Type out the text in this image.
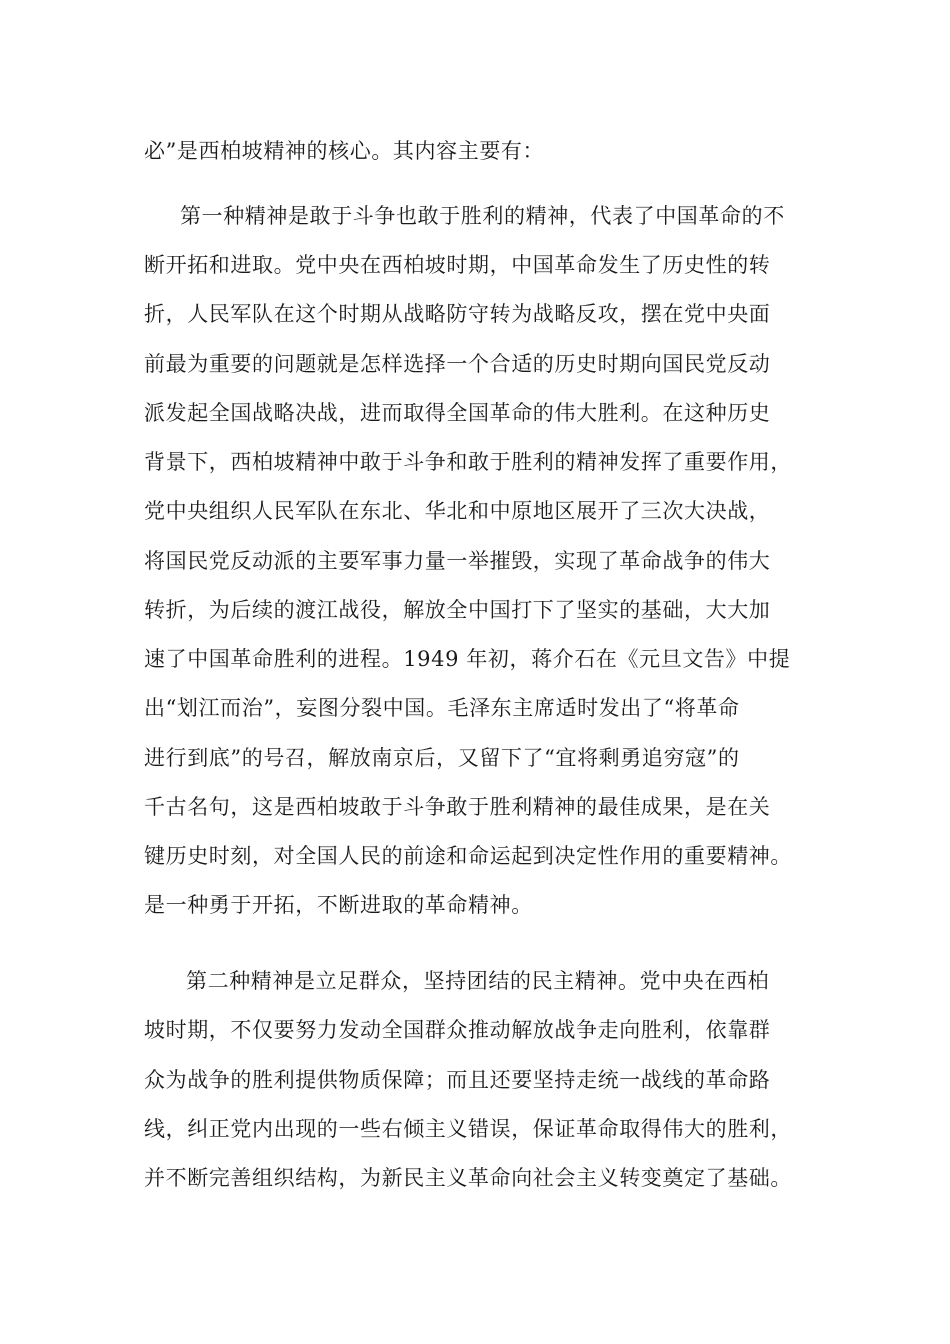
必”是西柏坡精神的核心。其内容主要有：

第一种精神是敢于斗争也敢于胜利的精神，代表了中国革命的不

断开拓和进取。党中央在西柏坡时期，中国革命发生了历史性的转

折，人民军队在这个时期从战略防守转为战略反攻，摆在党中央面

前最为重要的问题就是怎样选择一个合适的历史时期向国民党反动

派发起全国战略决战，进而取得全国革命的伟大胜利。在这种历史

背景下，西柏坡精神中敢于斗争和敢于胜利的精神发挥了重要作用，

党中央组织人民军队在东北、华北和中原地区展开了三次大决战，

将国民党反动派的主要军事力量一举摧毁，实现了革命战争的伟大

转折，为后续的渡江战役，解放全中国打下了坚实的基础，大大加

速了中国革命胜利的进程。1949 年初，蒋介石在《元旦文告》中提

出“划江而治”，妄图分裂中国。毛泽东主席适时发出了“将革命

进行到底”的号召，解放南京后，又留下了“宜将剩勇追穷寇”的

千古名句，这是西柏坡敢于斗争敢于胜利精神的最佳成果，是在关

键历史时刻，对全国人民的前途和命运起到决定性作用的重要精神。

是一种勇于开拓，不断进取的革命精神。

第二种精神是立足群众，坚持团结的民主精神。党中央在西柏

坡时期，不仅要努力发动全国群众推动解放战争走向胜利，依靠群

众为战争的胜利提供物质保障；而且还要坚持走统一战线的革命路

线，纠正党内出现的一些右倾主义错误，保证革命取得伟大的胜利，

并不断完善组织结构，为新民主义革命向社会主义转变奠定了基础。
